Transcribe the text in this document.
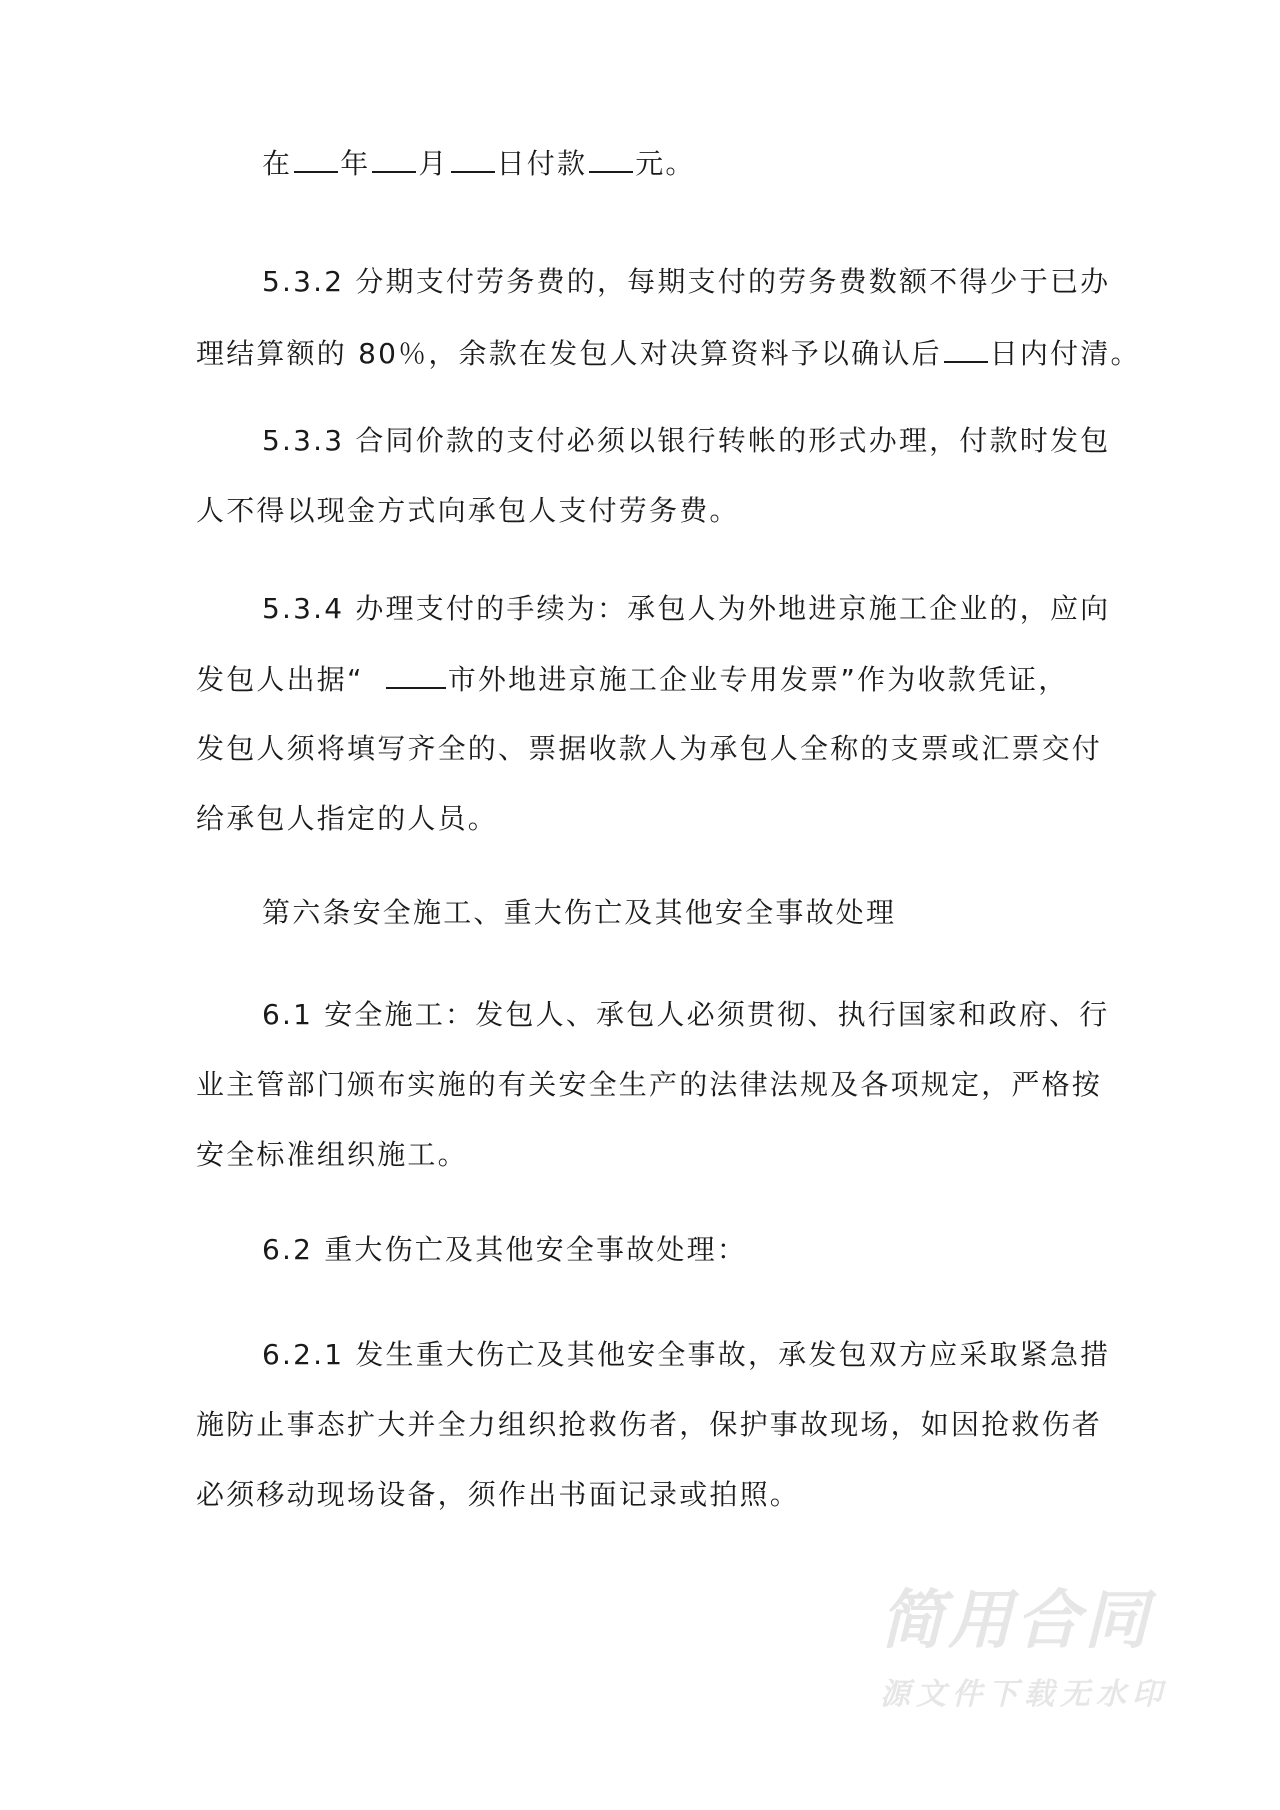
在 年 月 日付款 元。
5.3.2 分期支付劳务费的，每期支付的劳务费数额不得少于已办
理结算额的 80％，余款在发包人对决算资料予以确认后 日内付清。
5.3.3 合同价款的支付必须以银行转帐的形式办理，付款时发包
人不得以现金方式向承包人支付劳务费。
5.3.4 办理支付的手续为：承包人为外地进京施工企业的，应向
发包人出据“	市外地进京施工企业专用发票”作为收款凭证，
发包人须将填写齐全的、票据收款人为承包人全称的支票或汇票交付
给承包人指定的人员。
第六条安全施工、重大伤亡及其他安全事故处理
6.1 安全施工：发包人、承包人必须贯彻、执行国家和政府、行
业主管部门颁布实施的有关安全生产的法律法规及各项规定，严格按
安全标准组织施工。
6.2 重大伤亡及其他安全事故处理：
6.2.1 发生重大伤亡及其他安全事故，承发包双方应采取紧急措
施防止事态扩大并全力组织抢救伤者，保护事故现场，如因抢救伤者
必须移动现场设备，须作出书面记录或拍照。
简用合同
源文件下载无水印
